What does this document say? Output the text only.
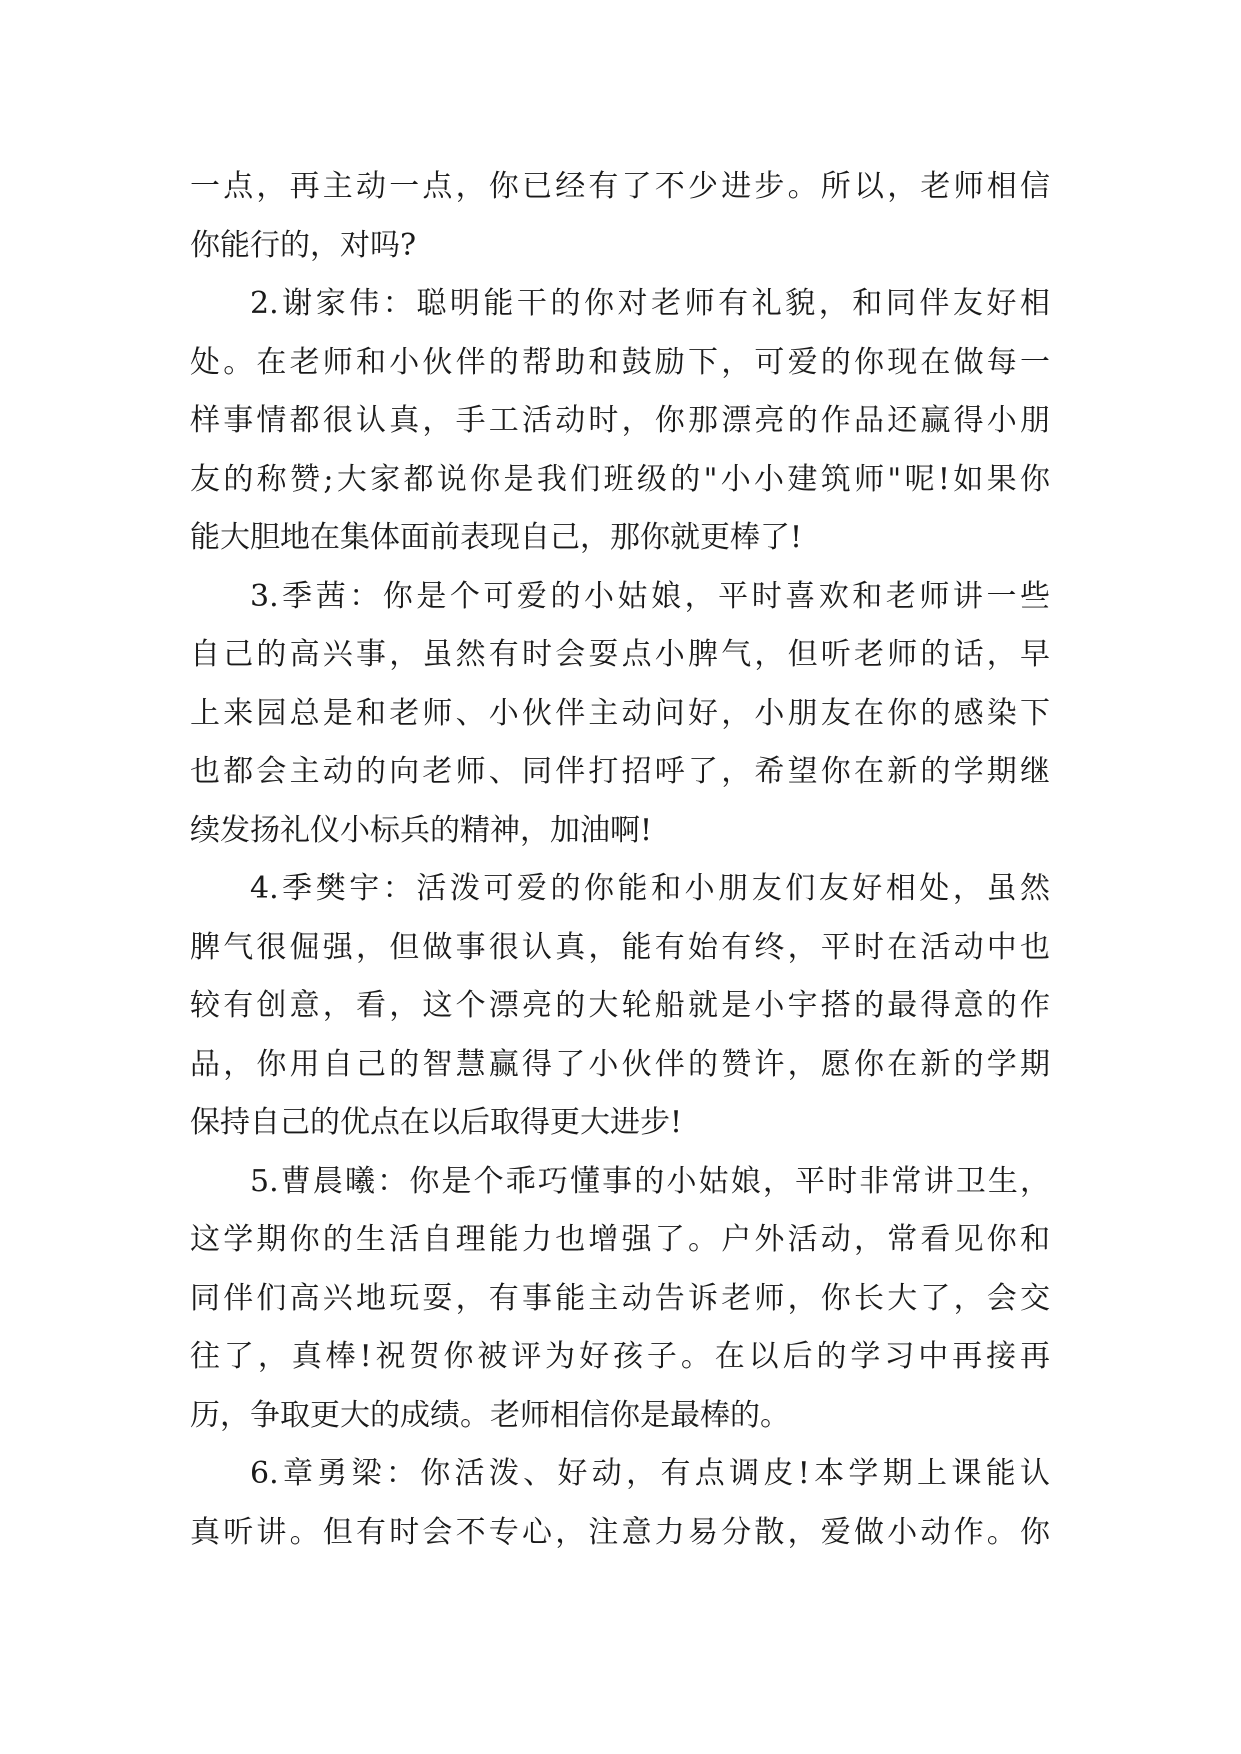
一点，再主动一点，你已经有了不少进步。所以，老师相信
你能行的，对吗?
2.谢家伟：聪明能干的你对老师有礼貌，和同伴友好相
处。在老师和小伙伴的帮助和鼓励下，可爱的你现在做每一
样事情都很认真，手工活动时，你那漂亮的作品还赢得小朋
友的称赞;大家都说你是我们班级的"小小建筑师"呢!如果你
能大胆地在集体面前表现自己，那你就更棒了!
3.季茜：你是个可爱的小姑娘，平时喜欢和老师讲一些
自己的高兴事，虽然有时会耍点小脾气，但听老师的话，早
上来园总是和老师、小伙伴主动问好，小朋友在你的感染下
也都会主动的向老师、同伴打招呼了，希望你在新的学期继
续发扬礼仪小标兵的精神，加油啊!
4.季樊宇：活泼可爱的你能和小朋友们友好相处，虽然
脾气很倔强，但做事很认真，能有始有终，平时在活动中也
较有创意，看，这个漂亮的大轮船就是小宇搭的最得意的作
品，你用自己的智慧赢得了小伙伴的赞许，愿你在新的学期
保持自己的优点在以后取得更大进步!
5.曹晨曦：你是个乖巧懂事的小姑娘，平时非常讲卫生，
这学期你的生活自理能力也增强了。户外活动，常看见你和
同伴们高兴地玩耍，有事能主动告诉老师，你长大了，会交
往了，真棒!祝贺你被评为好孩子。在以后的学习中再接再
历，争取更大的成绩。老师相信你是最棒的。
6.章勇梁：你活泼、好动，有点调皮!本学期上课能认
真听讲。但有时会不专心，注意力易分散，爱做小动作。你
